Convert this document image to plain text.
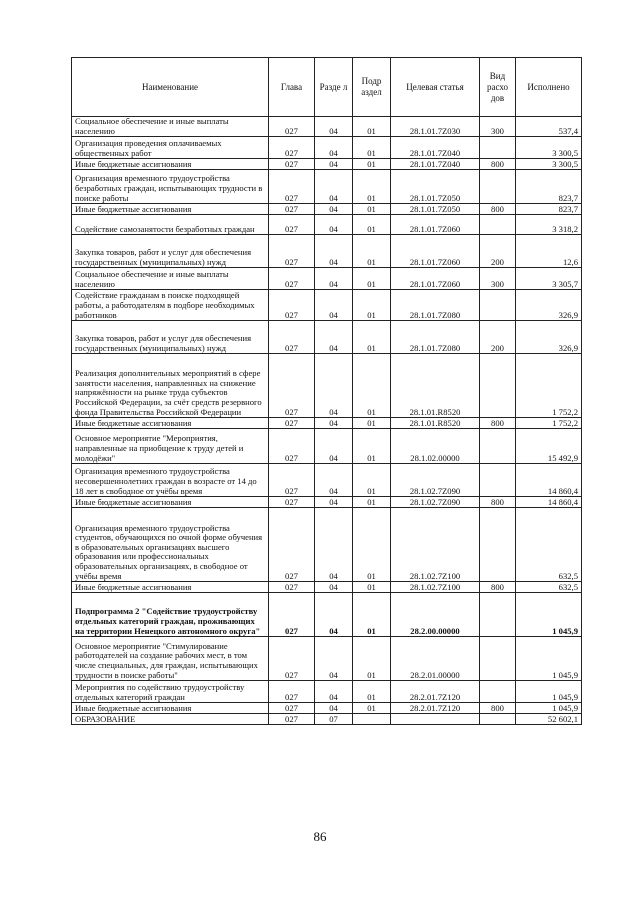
Наименование	Глава	Разде л	Подр аздел	Целевая статья	Вид расхо дов	Исполнено
Социальное обеспечение и иные выплаты населению	027	04	01	28.1.01.7Z030	300	537,4
Организация проведения оплачиваемых общественных работ	027	04	01	28.1.01.7Z040		3 300,5
Иные бюджетные ассигнования	027	04	01	28.1.01.7Z040	800	3 300,5
Организация временного трудоустройства безработных граждан, испытывающих трудности в поиске работы	027	04	01	28.1.01.7Z050		823,7
Иные бюджетные ассигнования	027	04	01	28.1.01.7Z050	800	823,7
Содействие самозанятости безработных граждан	027	04	01	28.1.01.7Z060		3 318,2
Закупка товаров, работ и услуг для обеспечения государственных (муниципальных) нужд	027	04	01	28.1.01.7Z060	200	12,6
Социальное обеспечение и иные выплаты населению	027	04	01	28.1.01.7Z060	300	3 305,7
Содействие гражданам в поиске подходящей работы, а работодателям в подборе необходимых работников	027	04	01	28.1.01.7Z080		326,9
Закупка товаров, работ и услуг для обеспечения государственных (муниципальных) нужд	027	04	01	28.1.01.7Z080	200	326,9
Реализация дополнительных мероприятий в сфере занятости населения, направленных на снижение напряжённости на рынке труда субъектов Российской Федерации, за счёт средств резервного фонда Правительства Российской Федерации	027	04	01	28.1.01.R8520		1 752,2
Иные бюджетные ассигнования	027	04	01	28.1.01.R8520	800	1 752,2
Основное мероприятие "Мероприятия, направленные на приобщение к труду детей и молодёжи"	027	04	01	28.1.02.00000		15 492,9
Организация временного трудоустройства несовершеннолетних граждан в возрасте от 14 до 18 лет в свободное от учёбы время	027	04	01	28.1.02.7Z090		14 860,4
Иные бюджетные ассигнования	027	04	01	28.1.02.7Z090	800	14 860,4
Организация временного трудоустройства студентов, обучающихся по очной форме обучения в образовательных организациях высшего образования или профессиональных образовательных организациях, в свободное от учёбы время	027	04	01	28.1.02.7Z100		632,5
Иные бюджетные ассигнования	027	04	01	28.1.02.7Z100	800	632,5
Подпрограмма 2 "Содействие трудоустройству отдельных категорий граждан, проживающих на территории Ненецкого автономного округа"	027	04	01	28.2.00.00000		1 045,9
Основное мероприятие "Стимулирование работодателей на создание рабочих мест, в том числе специальных, для граждан, испытывающих трудности в поиске работы"	027	04	01	28.2.01.00000		1 045,9
Мероприятия по содействию трудоустройству отдельных категорий граждан	027	04	01	28.2.01.7Z120		1 045,9
Иные бюджетные ассигнования	027	04	01	28.2.01.7Z120	800	1 045,9
ОБРАЗОВАНИЕ	027	07				52 602,1
86
